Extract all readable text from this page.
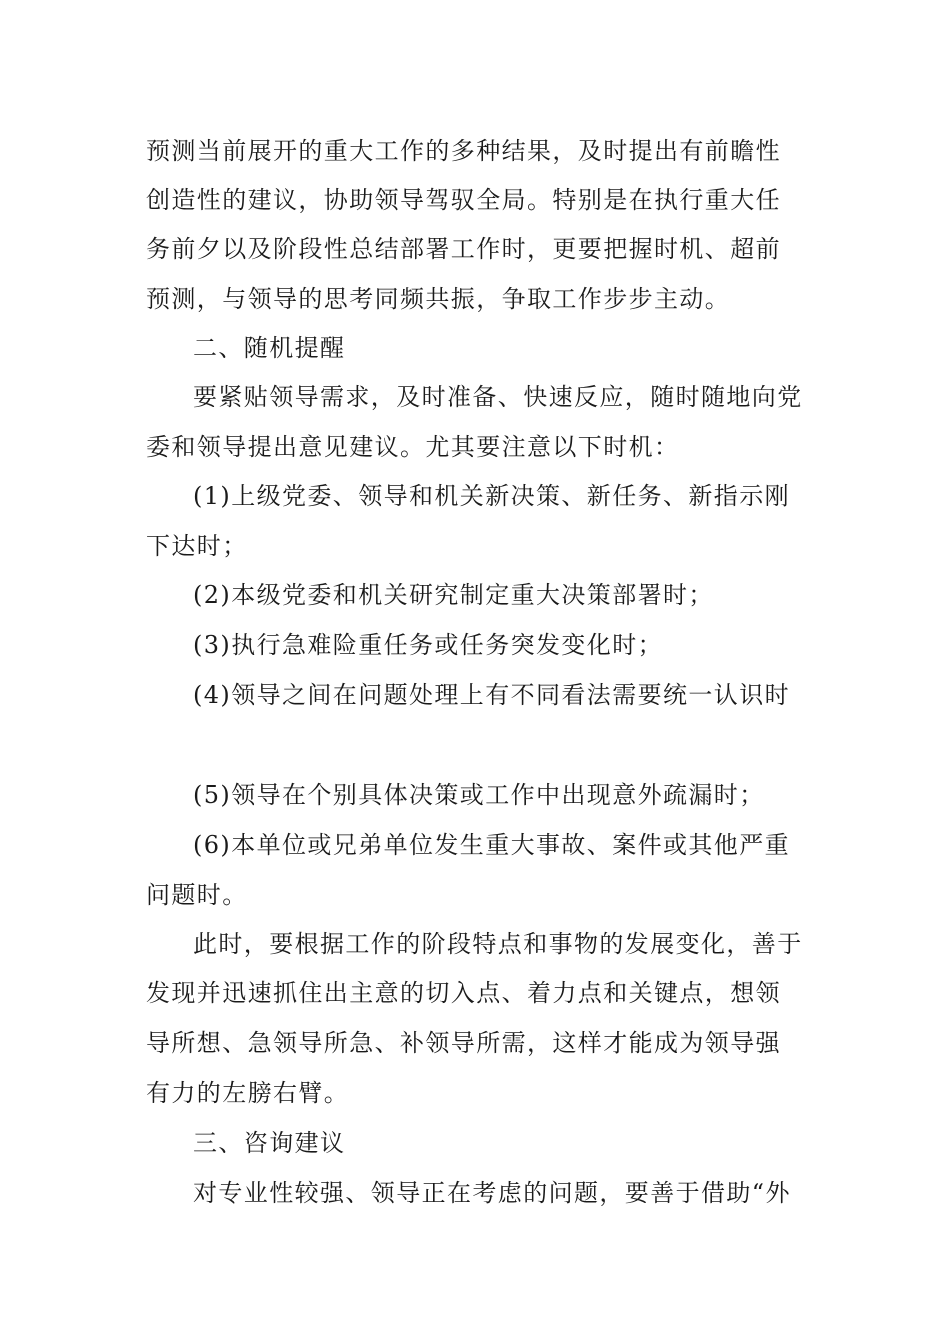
预测当前展开的重大工作的多种结果，及时提出有前瞻性
创造性的建议，协助领导驾驭全局。特别是在执行重大任
务前夕以及阶段性总结部署工作时，更要把握时机、超前
预测，与领导的思考同频共振，争取工作步步主动。
二、随机提醒
要紧贴领导需求，及时准备、快速反应，随时随地向党
委和领导提出意见建议。尤其要注意以下时机：
(1)上级党委、领导和机关新决策、新任务、新指示刚
下达时；
(2)本级党委和机关研究制定重大决策部署时；
(3)执行急难险重任务或任务突发变化时；
(4)领导之间在问题处理上有不同看法需要统一认识时
(5)领导在个别具体决策或工作中出现意外疏漏时；
(6)本单位或兄弟单位发生重大事故、案件或其他严重
问题时。
此时，要根据工作的阶段特点和事物的发展变化，善于
发现并迅速抓住出主意的切入点、着力点和关键点，想领
导所想、急领导所急、补领导所需，这样才能成为领导强
有力的左膀右臂。
三、咨询建议
对专业性较强、领导正在考虑的问题，要善于借助“外
